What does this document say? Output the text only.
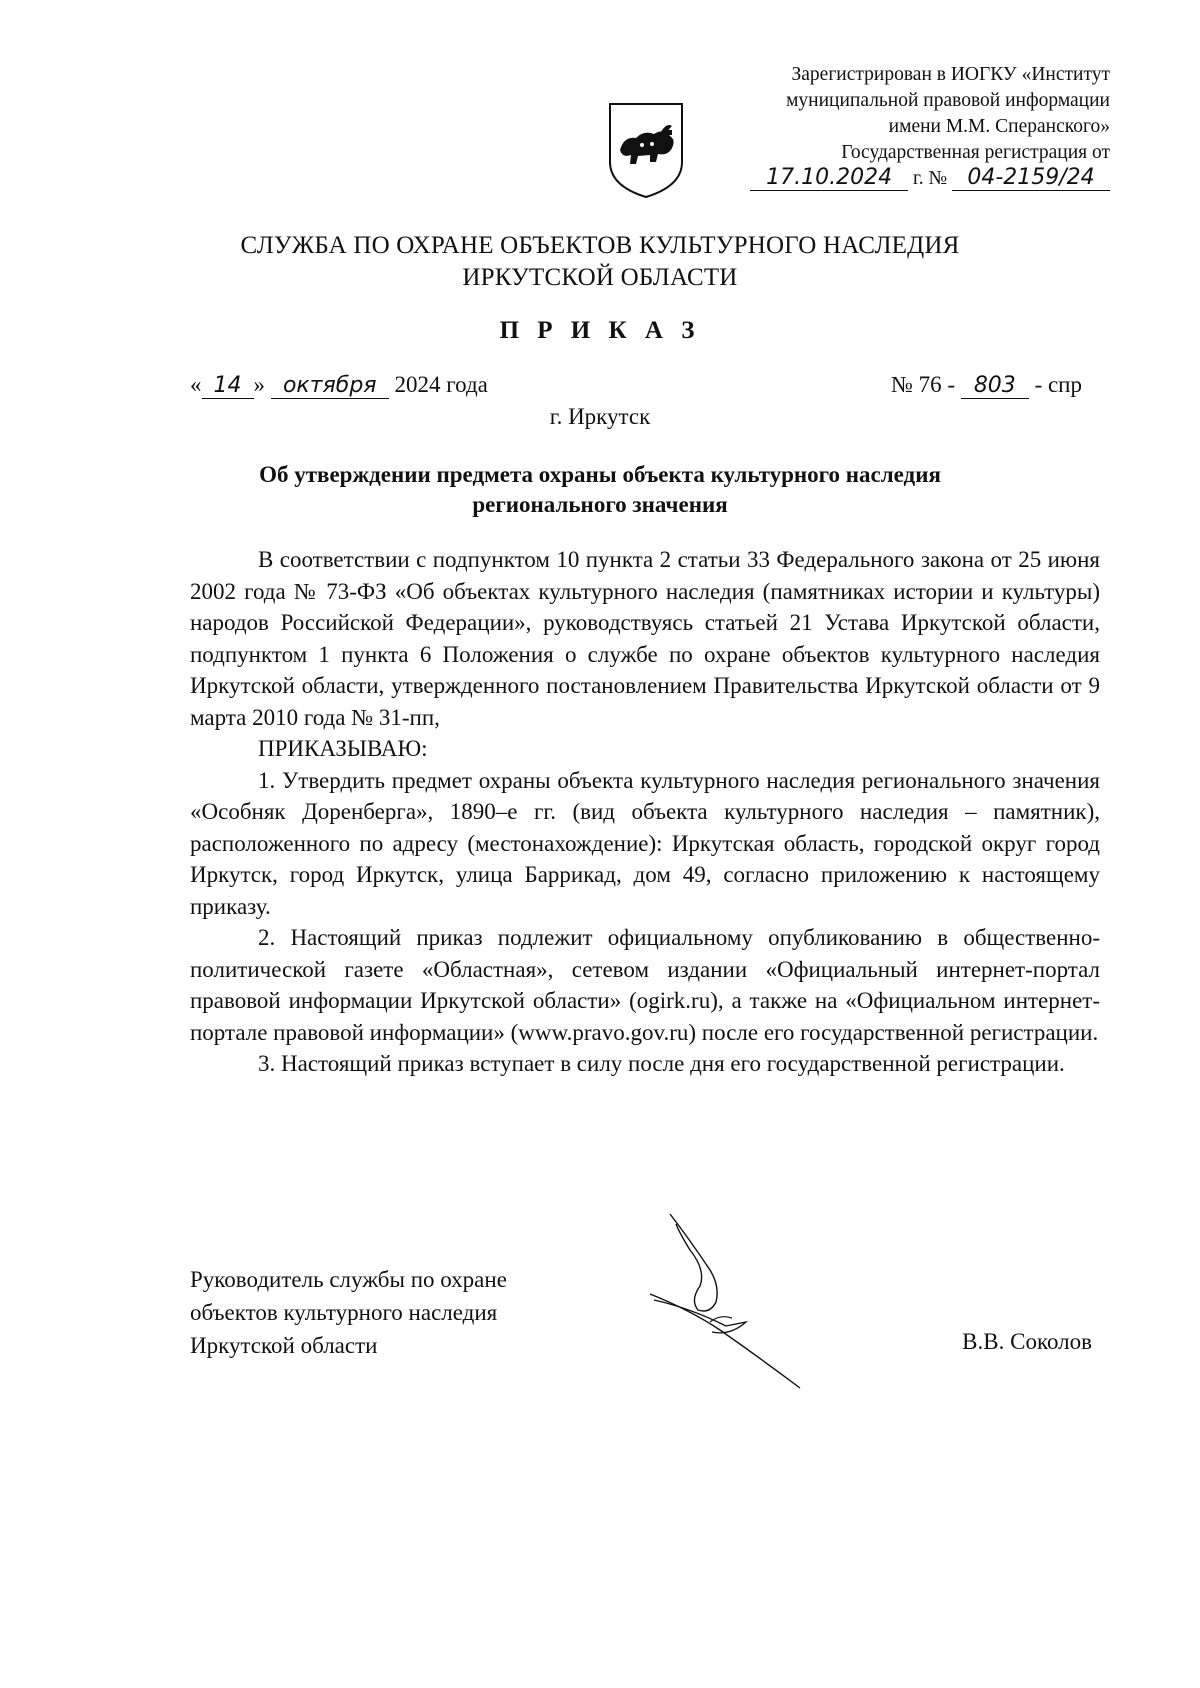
Зарегистрирован в ИОГКУ «Институт
муниципальной правовой информации
имени М.М. Сперанского»
Государственная регистрация от
17.10.2024 г. № 04-2159/24
СЛУЖБА ПО ОХРАНЕ ОБЪЕКТОВ КУЛЬТУРНОГО НАСЛЕДИЯ
ИРКУТСКОЙ ОБЛАСТИ
П Р И К А З
« 14 » октября 2024 года	№ 76 - 803 - спр
г. Иркутск
Об утверждении предмета охраны объекта культурного наследия
регионального значения

В соответствии с подпунктом 10 пункта 2 статьи 33 Федерального закона от 25 июня 2002 года № 73-ФЗ «Об объектах культурного наследия (памятниках истории и культуры) народов Российской Федерации», руководствуясь статьей 21 Устава Иркутской области, подпунктом 1 пункта 6 Положения о службе по охране объектов культурного наследия Иркутской области, утвержденного постановлением Правительства Иркутской области от 9 марта 2010 года № 31-пп,

ПРИКАЗЫВАЮ:

1. Утвердить предмет охраны объекта культурного наследия регионального значения «Особняк Доренберга», 1890–е гг. (вид объекта культурного наследия – памятник), расположенного по адресу (местонахождение): Иркутская область, городской округ город Иркутск, город Иркутск, улица Баррикад, дом 49, согласно приложению к настоящему приказу.

2. Настоящий приказ подлежит официальному опубликованию в общественно-политической газете «Областная», сетевом издании «Официальный интернет-портал правовой информации Иркутской области» (ogirk.ru), а также на «Официальном интернет-портале правовой информации» (www.pravo.gov.ru) после его государственной регистрации.

3. Настоящий приказ вступает в силу после дня его государственной регистрации.

Руководитель службы по охране
объектов культурного наследия
Иркутской области	В.В. Соколов
